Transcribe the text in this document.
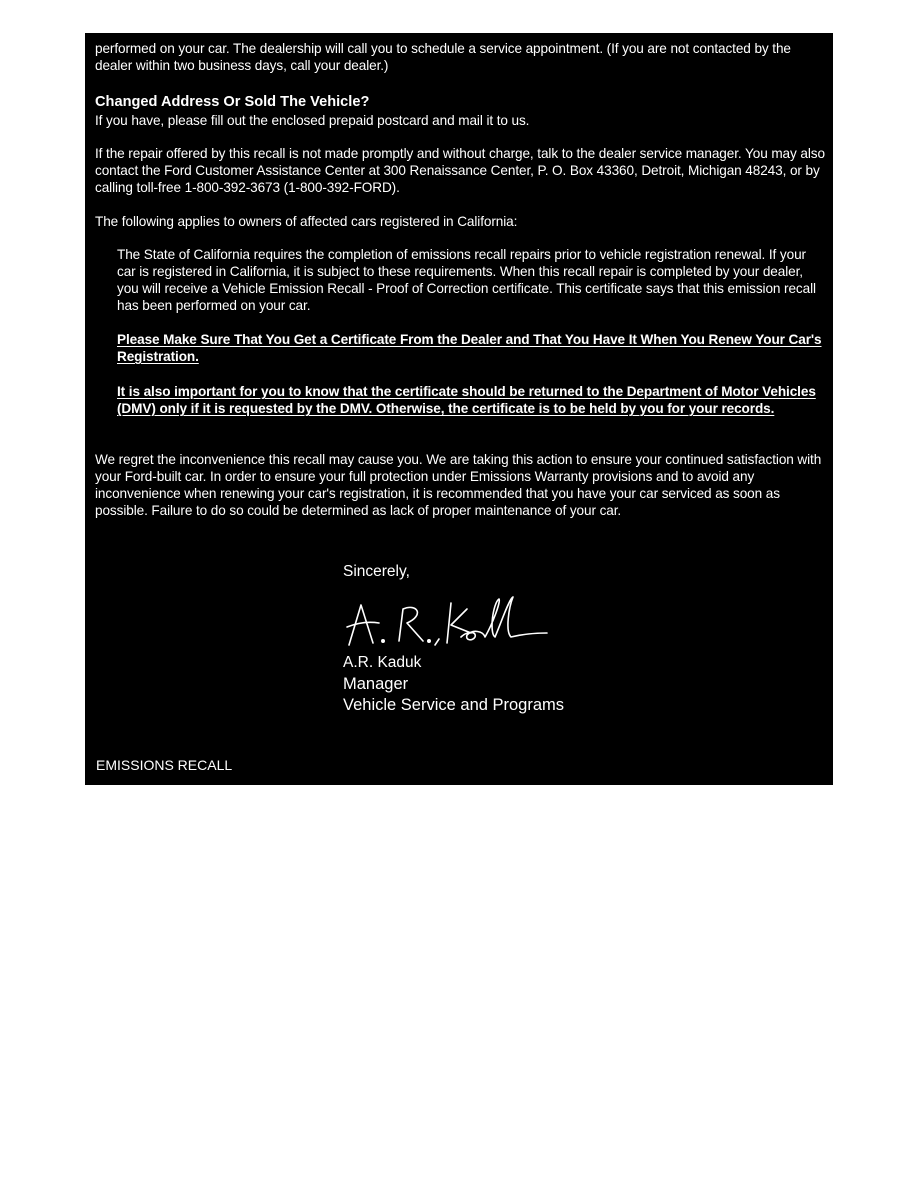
performed on your car. The dealership will call you to schedule a service appointment. (If you are not contacted by the dealer within two business days, call your dealer.)

Changed Address Or Sold The Vehicle?

If you have, please fill out the enclosed prepaid postcard and mail it to us.

If the repair offered by this recall is not made promptly and without charge, talk to the dealer service manager. You may also contact the Ford Customer Assistance Center at 300 Renaissance Center, P. O. Box 43360, Detroit, Michigan 48243, or by calling toll-free 1-800-392-3673 (1-800-392-FORD).

The following applies to owners of affected cars registered in California:

The State of California requires the completion of emissions recall repairs prior to vehicle registration renewal. If your car is registered in California, it is subject to these requirements. When this recall repair is completed by your dealer, you will receive a Vehicle Emission Recall - Proof of Correction certificate. This certificate says that this emission recall has been performed on your car.

Please Make Sure That You Get a Certificate From the Dealer and That You Have It When You Renew Your Car's Registration.

It is also important for you to know that the certificate should be returned to the Department of Motor Vehicles (DMV) only if it is requested by the DMV. Otherwise, the certificate is to be held by you for your records.

We regret the inconvenience this recall may cause you. We are taking this action to ensure your continued satisfaction with your Ford-built car. In order to ensure your full protection under Emissions Warranty provisions and to avoid any inconvenience when renewing your car's registration, it is recommended that you have your car serviced as soon as possible. Failure to do so could be determined as lack of proper maintenance of your car.

Sincerely,

A.R. Kaduk

Manager

Vehicle Service and Programs

EMISSIONS RECALL
